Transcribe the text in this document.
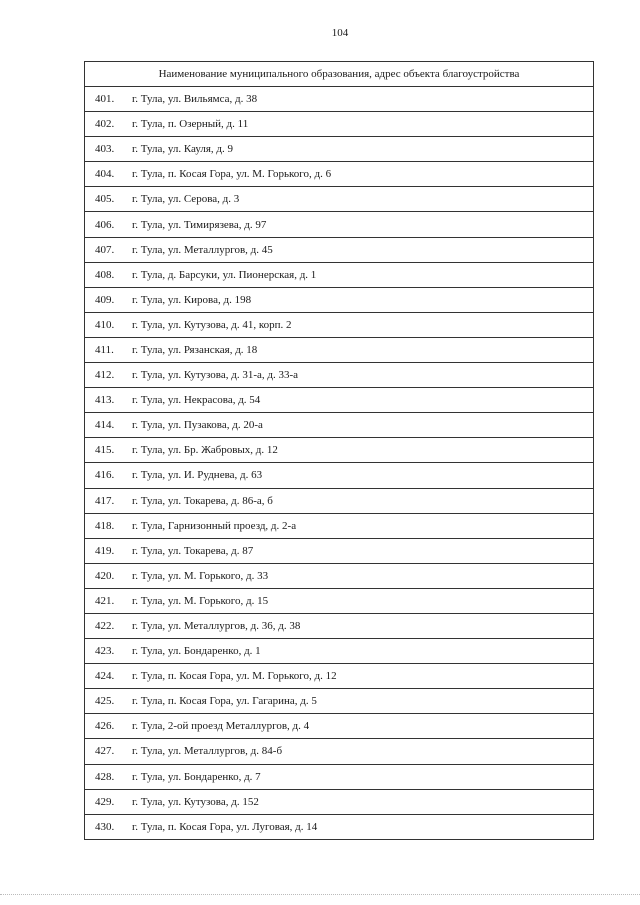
104
Наименование муниципального образования, адрес объекта благоустройства
401. г. Тула, ул. Вильямса, д. 38
402. г. Тула, п. Озерный, д. 11
403. г. Тула, ул. Кауля, д. 9
404. г. Тула, п. Косая Гора, ул. М. Горького, д. 6
405. г. Тула, ул. Серова, д. 3
406. г. Тула, ул. Тимирязева, д. 97
407. г. Тула, ул. Металлургов, д. 45
408. г. Тула, д. Барсуки, ул. Пионерская, д. 1
409. г. Тула, ул. Кирова, д. 198
410. г. Тула, ул. Кутузова, д. 41, корп. 2
411. г. Тула, ул. Рязанская, д. 18
412. г. Тула, ул. Кутузова, д. 31-а, д. 33-а
413. г. Тула, ул. Некрасова, д. 54
414. г. Тула, ул. Пузакова, д. 20-а
415. г. Тула, ул. Бр. Жабровых, д. 12
416. г. Тула, ул. И. Руднева, д. 63
417. г. Тула, ул. Токарева, д. 86-а, б
418. г. Тула, Гарнизонный проезд, д. 2-а
419. г. Тула, ул. Токарева, д. 87
420. г. Тула, ул. М. Горького, д. 33
421. г. Тула, ул. М. Горького, д. 15
422. г. Тула, ул. Металлургов, д. 36, д. 38
423. г. Тула, ул. Бондаренко, д. 1
424. г. Тула, п. Косая Гора, ул. М. Горького, д. 12
425. г. Тула, п. Косая Гора, ул. Гагарина, д. 5
426. г. Тула, 2-ой проезд Металлургов, д. 4
427. г. Тула, ул. Металлургов, д. 84-б
428. г. Тула, ул. Бондаренко, д. 7
429. г. Тула, ул. Кутузова, д. 152
430. г. Тула, п. Косая Гора, ул. Луговая, д. 14
